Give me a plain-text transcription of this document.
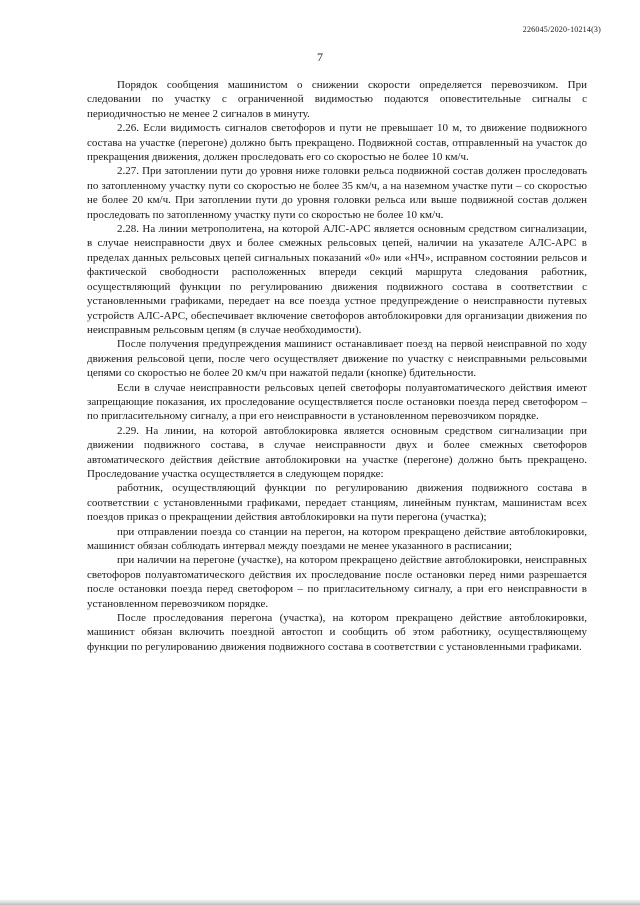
226045/2020-10214(3)
7

Порядок сообщения машинистом о снижении скорости определяется перевозчиком. При следовании по участку с ограниченной видимостью подаются оповестительные сигналы с периодичностью не менее 2 сигналов в минуту.

2.26. Если видимость сигналов светофоров и пути не превышает 10 м, то движение подвижного состава на участке (перегоне) должно быть прекращено. Подвижной состав, отправленный на участок до прекращения движения, должен проследовать его со скоростью не более 10 км/ч.

2.27. При затоплении пути до уровня ниже головки рельса подвижной состав должен проследовать по затопленному участку пути со скоростью не более 35 км/ч, а на наземном участке пути – со скоростью не более 20 км/ч. При затоплении пути до уровня головки рельса или выше подвижной состав должен проследовать по затопленному участку пути со скоростью не более 10 км/ч.

2.28. На линии метрополитена, на которой АЛС-АРС является основным средством сигнализации, в случае неисправности двух и более смежных рельсовых цепей, наличии на указателе АЛС-АРС в пределах данных рельсовых цепей сигнальных показаний «0» или «НЧ», исправном состоянии рельсов и фактической свободности расположенных впереди секций маршрута следования работник, осуществляющий функции по регулированию движения подвижного состава в соответствии с установленными графиками, передает на все поезда устное предупреждение о неисправности путевых устройств АЛС-АРС, обеспечивает включение светофоров автоблокировки для организации движения по неисправным рельсовым цепям (в случае необходимости).

После получения предупреждения машинист останавливает поезд на первой неисправной по ходу движения рельсовой цепи, после чего осуществляет движение по участку с неисправными рельсовыми цепями со скоростью не более 20 км/ч при нажатой педали (кнопке) бдительности.

Если в случае неисправности рельсовых цепей светофоры полуавтоматического действия имеют запрещающие показания, их проследование осуществляется после остановки поезда перед светофором – по пригласительному сигналу, а при его неисправности в установленном перевозчиком порядке.

2.29. На линии, на которой автоблокировка является основным средством сигнализации при движении подвижного состава, в случае неисправности двух и более смежных светофоров автоматического действия действие автоблокировки на участке (перегоне) должно быть прекращено. Проследование участка осуществляется в следующем порядке:

работник, осуществляющий функции по регулированию движения подвижного состава в соответствии с установленными графиками, передает станциям, линейным пунктам, машинистам всех поездов приказ о прекращении действия автоблокировки на пути перегона (участка);

при отправлении поезда со станции на перегон, на котором прекращено действие автоблокировки, машинист обязан соблюдать интервал между поездами не менее указанного в расписании;

при наличии на перегоне (участке), на котором прекращено действие автоблокировки, неисправных светофоров полуавтоматического действия их проследование после остановки перед ними разрешается после остановки поезда перед светофором – по пригласительному сигналу, а при его неисправности в установленном перевозчиком порядке.

После проследования перегона (участка), на котором прекращено действие автоблокировки, машинист обязан включить поездной автостоп и сообщить об этом работнику, осуществляющему функции по регулированию движения подвижного состава в соответствии с установленными графиками.
